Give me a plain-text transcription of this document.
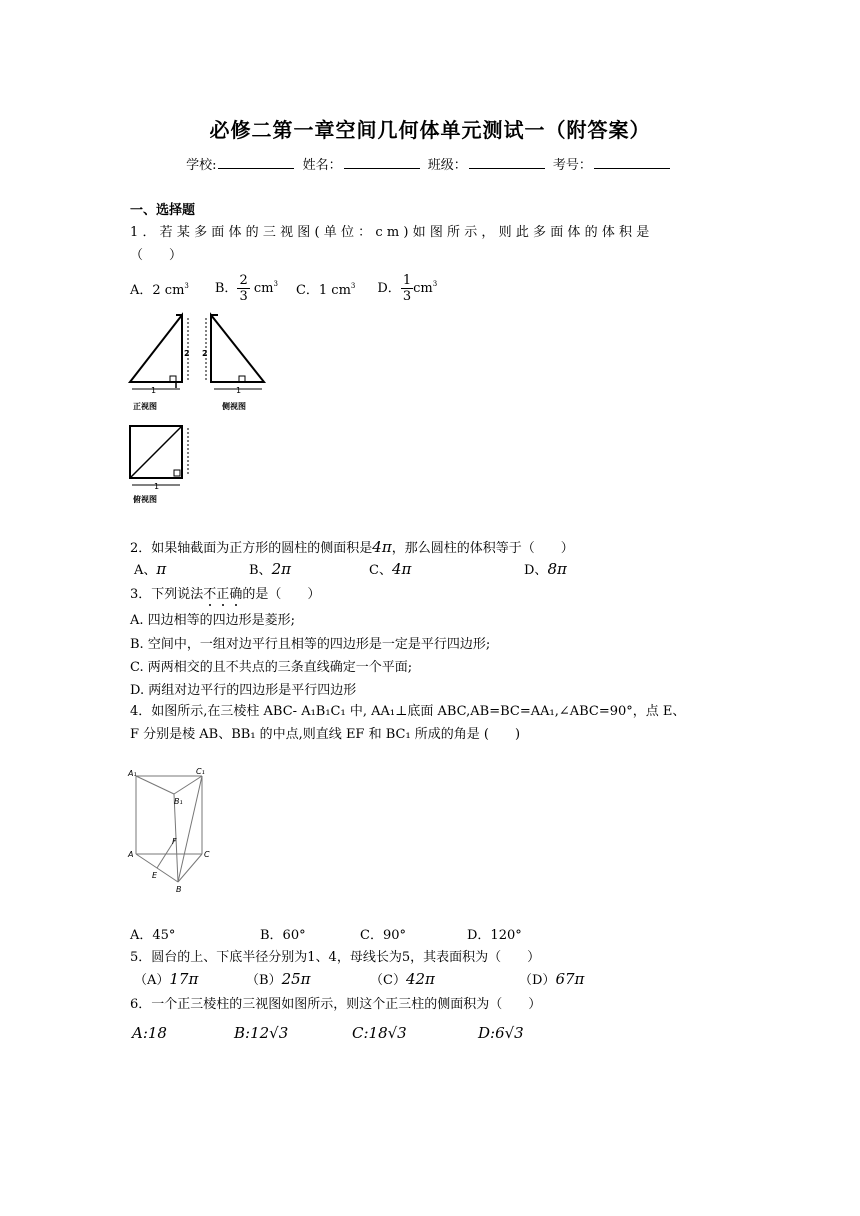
必修二第一章空间几何体单元测试一（附答案）
学校:	姓名：	班级：	考号：
一、选择题
1．若某多面体的三视图(单位：cm)如图所示，则此多面体的体积是
（　　）
A．2 $cm^3$ B． $\frac{2}{3} cm^3$ C．1 $cm^3$ D． $\frac{1}{3} cm^3$
1
2
正视图
1
2
侧视图
1
俯视图
2．如果轴截面为正方形的圆柱的侧面积是4π，那么圆柱的体积等于（　　）
A、π	B、2π	C、4π	D、8π
3．下列说法不正确的是（　　）
A. 四边相等的四边形是菱形;
B. 空间中，一组对边平行且相等的四边形是一定是平行四边形;
C. 两两相交的且不共点的三条直线确定一个平面;
D. 两组对边平行的四边形是平行四边形
4．如图所示,在三棱柱 ABC- A₁B₁C₁ 中, AA₁⊥底面 ABC,AB=BC=AA₁,∠ABC=90°，点 E、
F 分别是棱 AB、BB₁ 的中点,则直线 EF 和 BC₁ 所成的角是 (　　)
A₁	C₁
B₁
F
A	C
E
B
A．45°	B．60°	C．90°	D．120°
5．圆台的上、下底半径分别为1、4，母线长为5，其表面积为（　　）
（A）17π	（B）25π	（C）42π	（D）67π
6．一个正三棱柱的三视图如图所示，则这个正三柱的侧面积为（　　）
A:18	B:12√3	C:18√3	D:6√3
